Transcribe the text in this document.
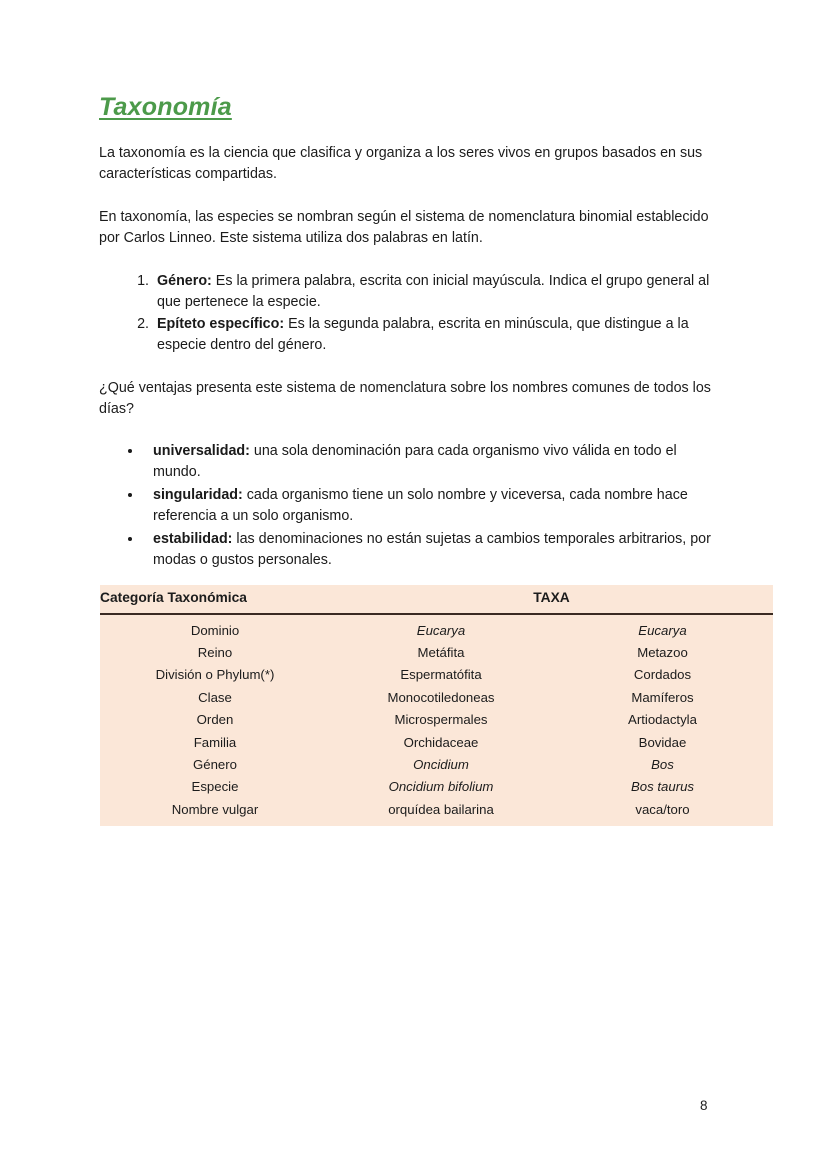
Taxonomía

La taxonomía es la ciencia que clasifica y organiza a los seres vivos en grupos basados en sus características compartidas.

En taxonomía, las especies se nombran según el sistema de nomenclatura binomial establecido por Carlos Linneo. Este sistema utiliza dos palabras en latín.

1. Género: Es la primera palabra, escrita con inicial mayúscula. Indica el grupo general al que pertenece la especie.
2. Epíteto específico: Es la segunda palabra, escrita en minúscula, que distingue a la especie dentro del género.

¿Qué ventajas presenta este sistema de nomenclatura sobre los nombres comunes de todos los días?

• universalidad: una sola denominación para cada organismo vivo válida en todo el mundo.
• singularidad: cada organismo tiene un solo nombre y viceversa, cada nombre hace referencia a un solo organismo.
• estabilidad: las denominaciones no están sujetas a cambios temporales arbitrarios, por modas o gustos personales.
Categoría Taxonómica	TAXA	
Dominio	Eucarya	Eucarya
Reino	Metáfita	Metazoo
División o Phylum(*)	Espermatófita	Cordados
Clase	Monocotiledoneas	Mamíferos
Orden	Microspermales	Artiodactyla
Familia	Orchidaceae	Bovidae
Género	Oncidium	Bos
Especie	Oncidium bifolium	Bos taurus
Nombre vulgar	orquídea bailarina	vaca/toro
8
